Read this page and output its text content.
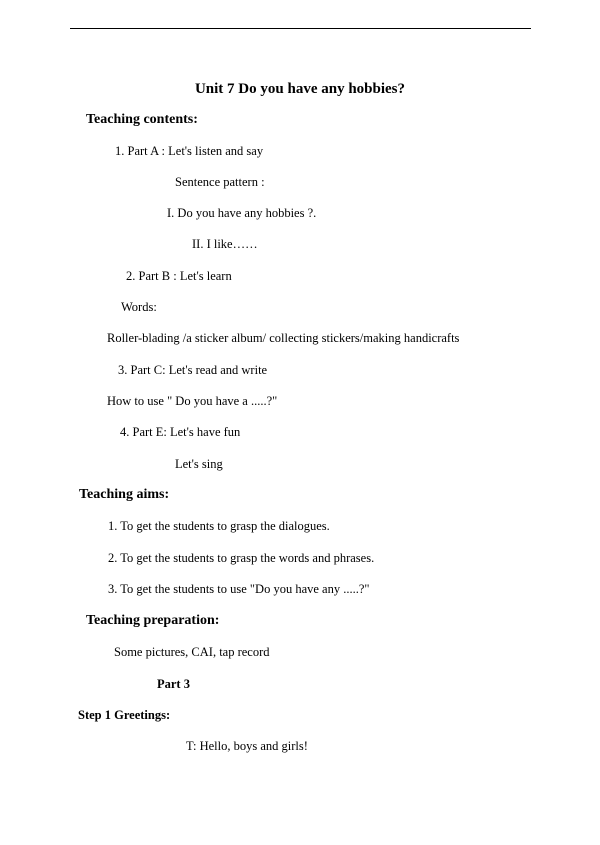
Unit 7 Do you have any hobbies?
Teaching contents:
1. Part A : Let's listen and say
Sentence pattern :
I. Do you have any hobbies ?.
II. I like……
2. Part B : Let's learn
Words:
Roller-blading /a sticker album/ collecting stickers/making handicrafts
3. Part C: Let's read and write
How to use " Do you have a .....?"
4. Part E: Let's have fun
Let's sing
Teaching aims:
1. To get the students to grasp the dialogues.
2. To get the students to grasp the words and phrases.
3. To get the students to use "Do you have any .....?"
Teaching preparation:
Some pictures, CAI, tap record
Part 3
Step 1 Greetings:
T: Hello, boys and girls!
